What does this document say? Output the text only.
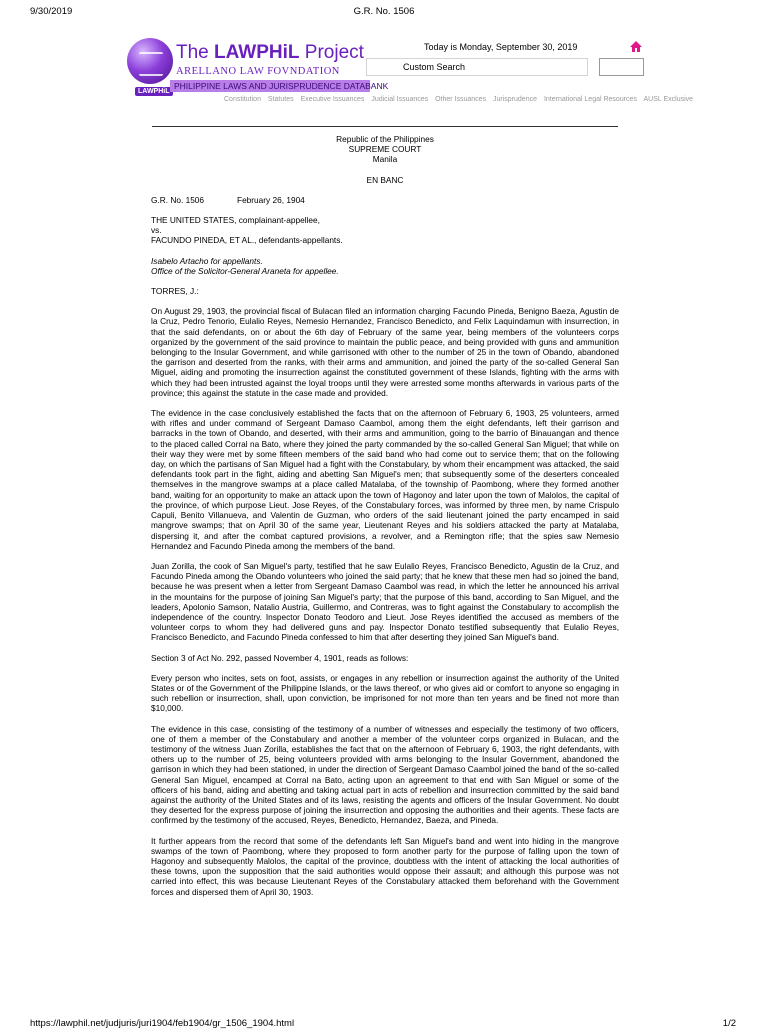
9/30/2019	G.R. No. 1506
LAWPHiL
The LAWPHiL Project
ARELLANO LAW FOVNDATION
PHILIPPINE LAWS AND JURISPRUDENCE DATABANK
Today is Monday, September 30, 2019
Custom Search
Constitution Statutes Executive Issuances Judicial Issuances Other Issuances Jurisprudence International Legal Resources AUSL Exclusive
Republic of the Philippines
SUPREME COURT
Manila
EN BANC
G.R. No. 1506	February 26, 1904
THE UNITED STATES, complainant-appellee,
vs.
FACUNDO PINEDA, ET AL., defendants-appellants.
Isabelo Artacho for appellants.
Office of the Solicitor-General Araneta for appellee.
TORRES, J.:

On August 29, 1903, the provincial fiscal of Bulacan filed an information charging Facundo Pineda, Benigno Baeza, Agustin de la Cruz, Pedro Tenorio, Eulalio Reyes, Nemesio Hernandez, Francisco Benedicto, and Felix Laquindamun with insurrection, in that the said defendants, on or about the 6th day of February of the same year, being members of the volunteers corps organized by the government of the said province to maintain the public peace, and being provided with guns and ammunition belonging to the Insular Government, and while garrisoned with other to the number of 25 in the town of Obando, abandoned the garrison and deserted from the ranks, with their arms and ammunition, and joined the party of the so-called General San Miguel, aiding and promoting the insurrection against the constituted government of these Islands, fighting with the arms with which they had been intrusted against the loyal troops until they were arrested some months afterwards in various parts of the province; this against the statute in the case made and provided.

The evidence in the case conclusively established the facts that on the afternoon of February 6, 1903, 25 volunteers, armed with rifles and under command of Sergeant Damaso Caambol, among them the eight defendants, left their garrison and barracks in the town of Obando, and deserted, with their arms and ammunition, going to the barrio of Binauangan and thence to the placed called Corral na Bato, where they joined the party commanded by the so-called General San Miguel; that while on their way they were met by some fifteen members of the said band who had come out to service them; that on the following day, on which the partisans of San Miguel had a fight with the Constabulary, by whom their encampment was attacked, the said defendants took part in the fight, aiding and abetting San Miguel's men; that subsequently some of the deserters concealed themselves in the mangrove swamps at a place called Matalaba, of the township of Paombong, where they formed another band, waiting for an opportunity to make an attack upon the town of Hagonoy and later upon the town of Malolos, the capital of the province, of which purpose Lieut. Jose Reyes, of the Constabulary forces, was informed by three men, by name Crispulo Capuli, Benito Villanueva, and Valentin de Guzman, who orders of the said lieutenant joined the party encamped in said mangrove swamps; that on April 30 of the same year, Lieutenant Reyes and his soldiers attacked the party at Matalaba, dispersing it, and after the combat captured provisions, a revolver, and a Remington rifle; that the spies saw Nemesio Hernandez and Facundo Pineda among the members of the band.

Juan Zorilla, the cook of San Miguel's party, testified that he saw Eulalio Reyes, Francisco Benedicto, Agustin de la Cruz, and Facundo Pineda among the Obando volunteers who joined the said party; that he knew that these men had so joined the band, because he was present when a letter from Sergeant Damaso Caambol was read, in which the letter he announced his arrival in the mountains for the purpose of joining San Miguel's party; that the purpose of this band, according to San Miguel, and the leaders, Apolonio Samson, Natalio Austria, Guillermo, and Contreras, was to fight against the Constabulary to accomplish the independence of the country. Inspector Donato Teodoro and Lieut. Jose Reyes identified the accused as members of the volunteer corps to whom they had delivered guns and pay. Inspector Donato testified subsequently that Eulalio Reyes, Francisco Benedicto, and Facundo Pineda confessed to him that after deserting they joined San Miguel's band.

Section 3 of Act No. 292, passed November 4, 1901, reads as follows:

Every person who incites, sets on foot, assists, or engages in any rebellion or insurrection against the authority of the United States or of the Government of the Philippine Islands, or the laws thereof, or who gives aid or comfort to anyone so engaging in such rebellion or insurrection, shall, upon conviction, be imprisoned for not more than ten years and be fined not more than $10,000.

The evidence in this case, consisting of the testimony of a number of witnesses and especially the testimony of two officers, one of them a member of the Constabulary and another a member of the volunteer corps organized in Bulacan, and the testimony of the witness Juan Zorilla, establishes the fact that on the afternoon of February 6, 1903, the right defendants, with others up to the number of 25, being volunteers provided with arms belonging to the Insular Government, abandoned the garrison in which they had been stationed, in under the direction of Sergeant Damaso Caambol joined the band of the so-called General San Miguel, encamped at Corral na Bato, acting upon an agreement to that end with San Miguel or some of the officers of his band, aiding and abetting and taking actual part in acts of rebellion and insurrection committed by the said band against the authority of the United States and of its laws, resisting the agents and officers of the Insular Government. No doubt they deserted for the express purpose of joining the insurrection and opposing the authorities and their agents. These facts are confirmed by the testimony of the accused, Reyes, Benedicto, Hernandez, Baeza, and Pineda.

It further appears from the record that some of the defendants left San Miguel's band and went into hiding in the mangrove swamps of the town of Paombong, where they proposed to form another party for the purpose of falling upon the town of Hagonoy and subsequently Malolos, the capital of the province, doubtless with the intent of attacking the local authorities of these towns, upon the supposition that the said authorities would oppose their assault; and although this purpose was not carried into effect, this was because Lieutenant Reyes of the Constabulary attacked them beforehand with the Government forces and dispersed them of April 30, 1903.

https://lawphil.net/judjuris/juri1904/feb1904/gr_1506_1904.html	1/2
